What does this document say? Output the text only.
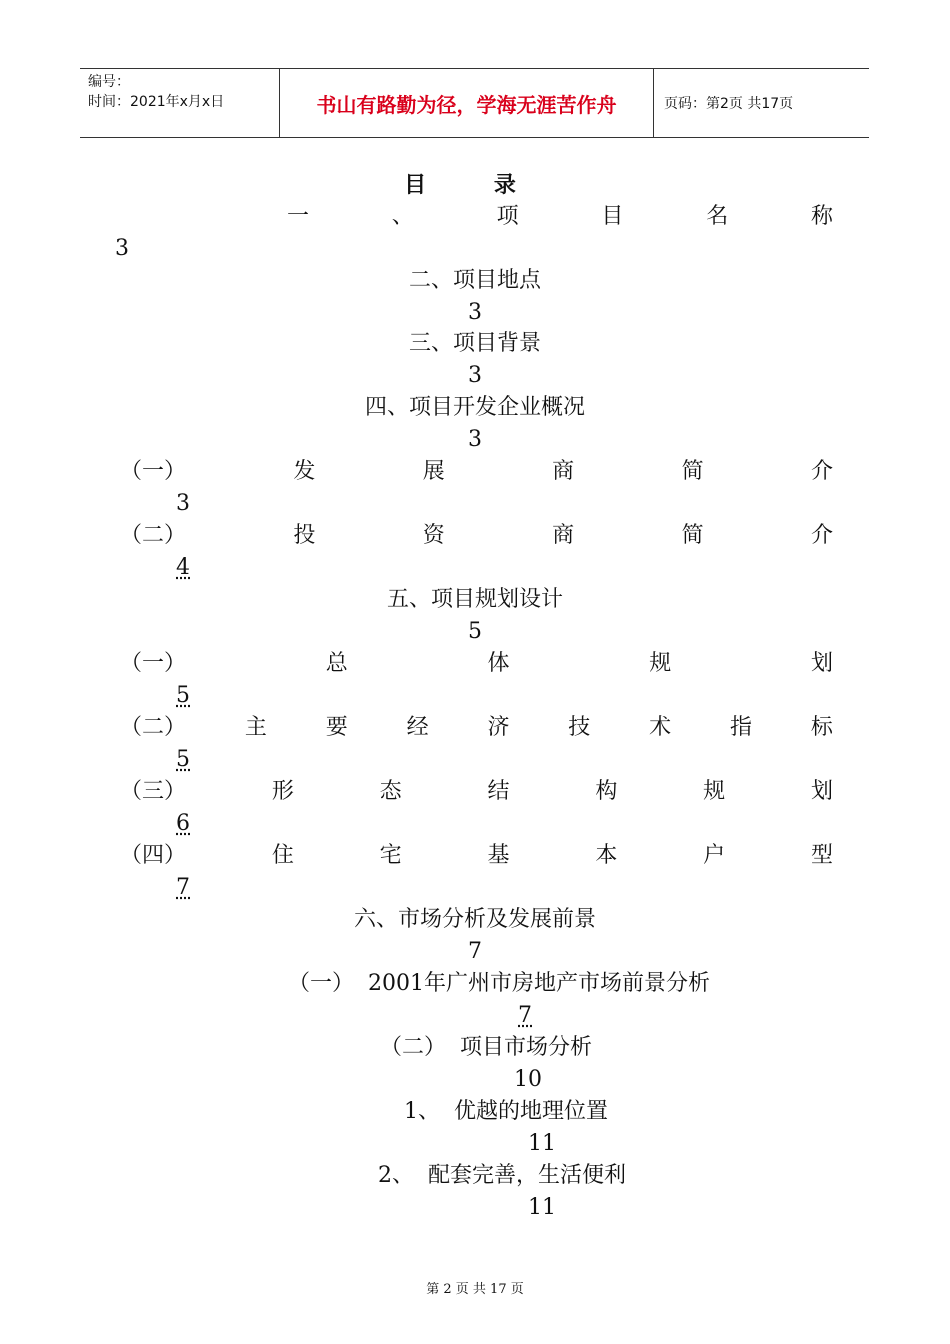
编号：
时间：2021年x月x日	书山有路勤为径，学海无涯苦作舟	页码：第2页 共17页
目 录
一	、	项	目	名	称
3
二、项目地点
3
三、项目背景
3
四、项目开发企业概况
3
（一）	发	展	商	简	介
3
（二）	投	资	商	简	介
4
五、项目规划设计
5
（一）	总	体	规	划
5
（二）	主	要	经	济	技	术	指	标
5
（三）	形	态	结	构	规	划
6
（四）	住	宅	基	本	户	型
7
六、市场分析及发展前景
7
（一）  2001年广州市房地产市场前景分析
7
（二）  项目市场分析
10
1、  优越的地理位置
11
2、  配套完善，生活便利
11
第 2 页 共 17 页
